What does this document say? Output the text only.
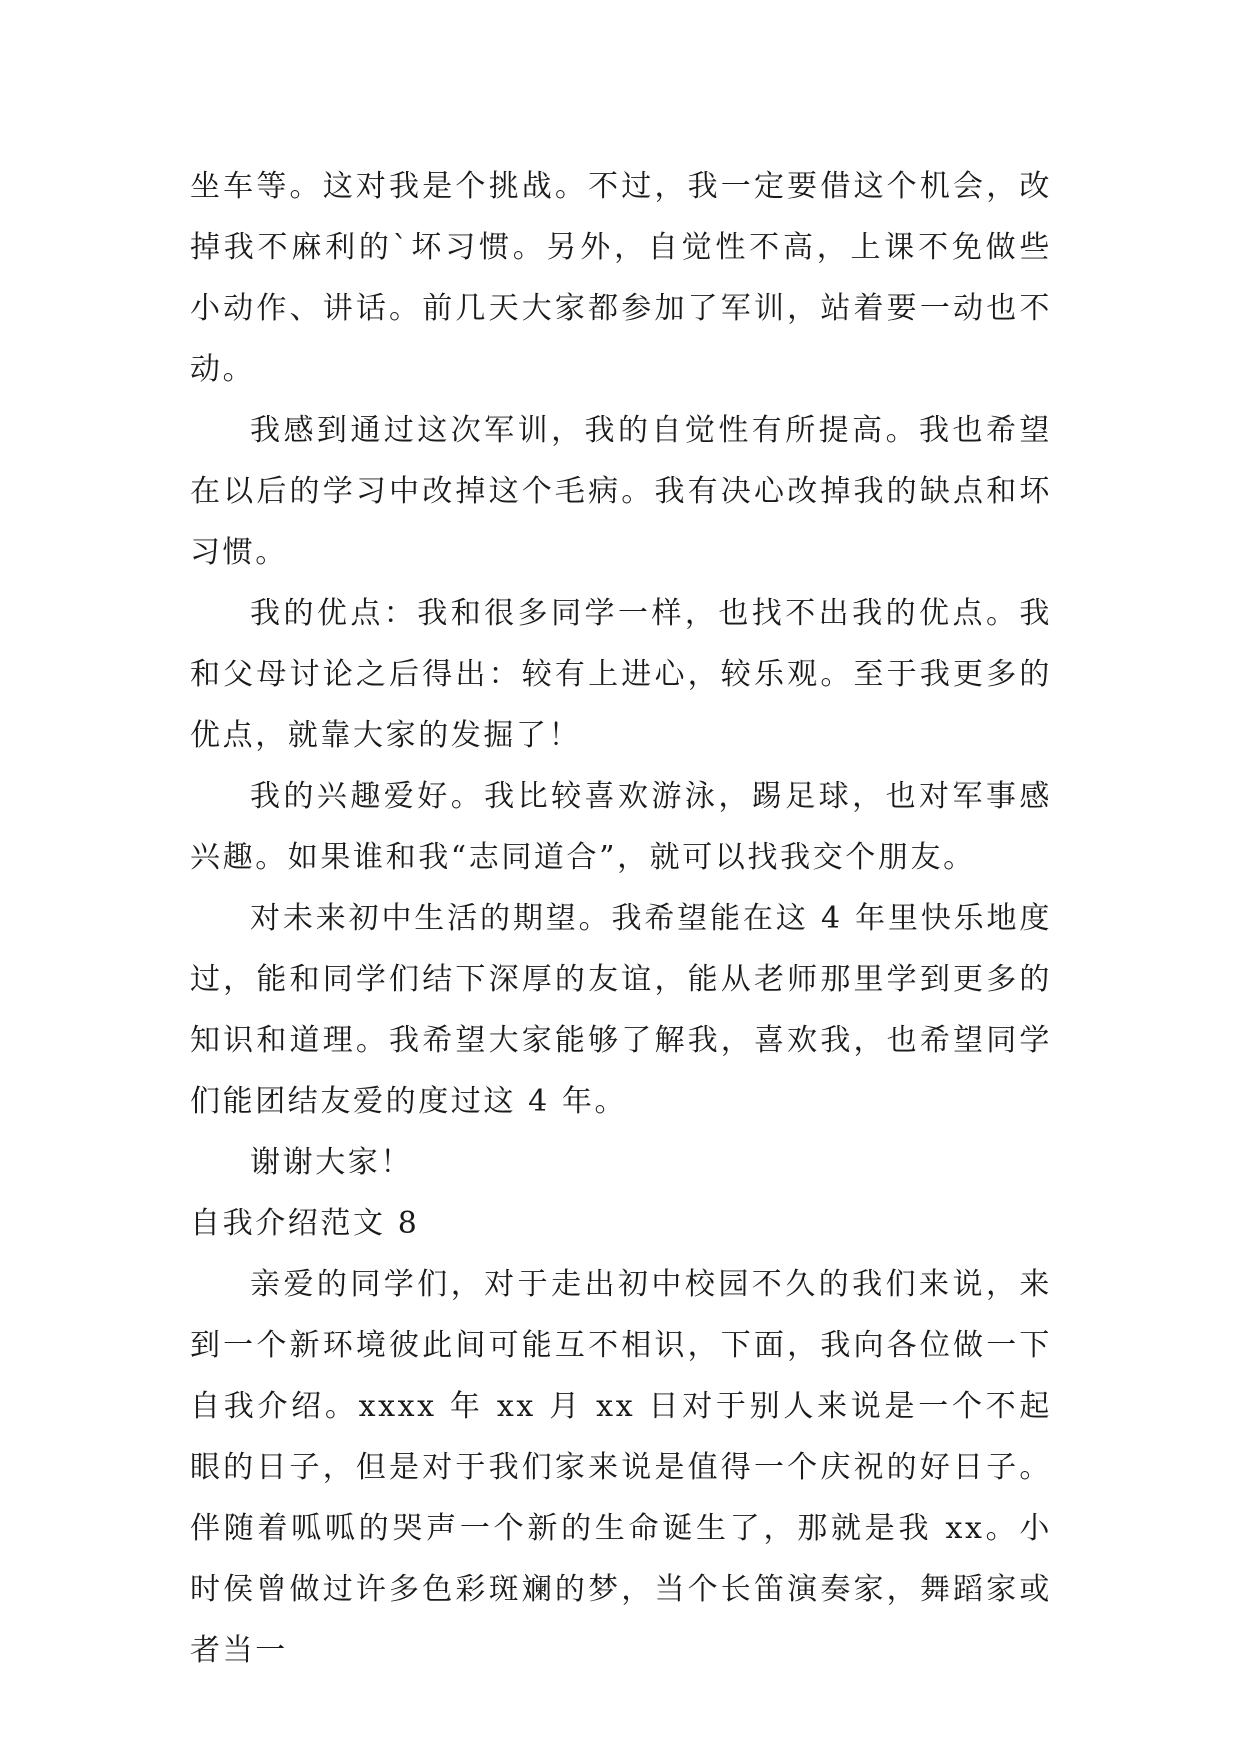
坐车等。这对我是个挑战。不过，我一定要借这个机会，改掉我不麻利的`坏习惯。另外，自觉性不高，上课不免做些小动作、讲话。前几天大家都参加了军训，站着要一动也不动。

我感到通过这次军训，我的自觉性有所提高。我也希望在以后的学习中改掉这个毛病。我有决心改掉我的缺点和坏习惯。

我的优点：我和很多同学一样，也找不出我的优点。我和父母讨论之后得出：较有上进心，较乐观。至于我更多的优点，就靠大家的发掘了！

我的兴趣爱好。我比较喜欢游泳，踢足球，也对军事感兴趣。如果谁和我“志同道合”，就可以找我交个朋友。

对未来初中生活的期望。我希望能在这 4 年里快乐地度过，能和同学们结下深厚的友谊，能从老师那里学到更多的知识和道理。我希望大家能够了解我，喜欢我，也希望同学们能团结友爱的度过这 4 年。

谢谢大家！

自我介绍范文 8

亲爱的同学们，对于走出初中校园不久的我们来说，来到一个新环境彼此间可能互不相识，下面，我向各位做一下自我介绍。xxxx 年 xx 月 xx 日对于别人来说是一个不起眼的日子，但是对于我们家来说是值得一个庆祝的好日子。伴随着呱呱的哭声一个新的生命诞生了，那就是我 xx。小时侯曾做过许多色彩斑斓的梦，当个长笛演奏家，舞蹈家或者当一
